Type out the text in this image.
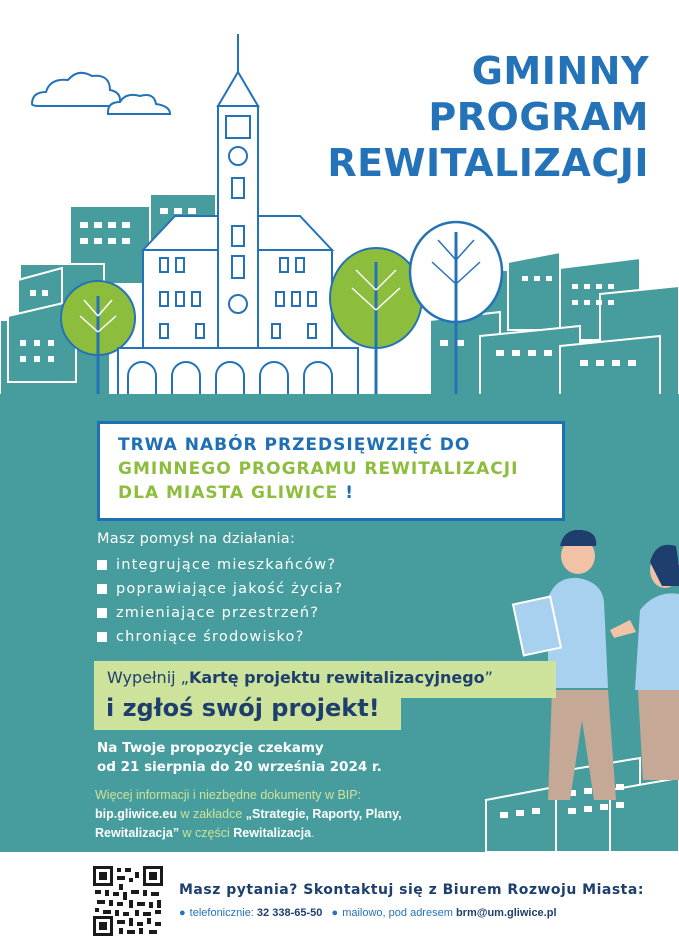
GMINNY
PROGRAM
REWITALIZACJI
TRWA NABÓR PRZEDSIĘWZIĘĆ DO
GMINNEGO PROGRAMU REWITALIZACJI
DLA MIASTA GLIWICE !
Masz pomysł na działania:
integrujące mieszkańców?
poprawiające jakość życia?
zmieniające przestrzeń?
chroniące środowisko?
Wypełnij „Kartę projektu rewitalizacyjnego”
i zgłoś swój projekt!
Na Twoje propozycje czekamy
od 21 sierpnia do 20 września 2024 r.
Więcej informacji i niezbędne dokumenty w BIP:
bip.gliwice.eu w zakładce „Strategie, Raporty, Plany, Rewitalizacja” w części Rewitalizacja.
Masz pytania? Skontaktuj się z Biurem Rozwoju Miasta:
● telefonicznie: 32 338-65-50 ● mailowo, pod adresem brm@um.gliwice.pl
